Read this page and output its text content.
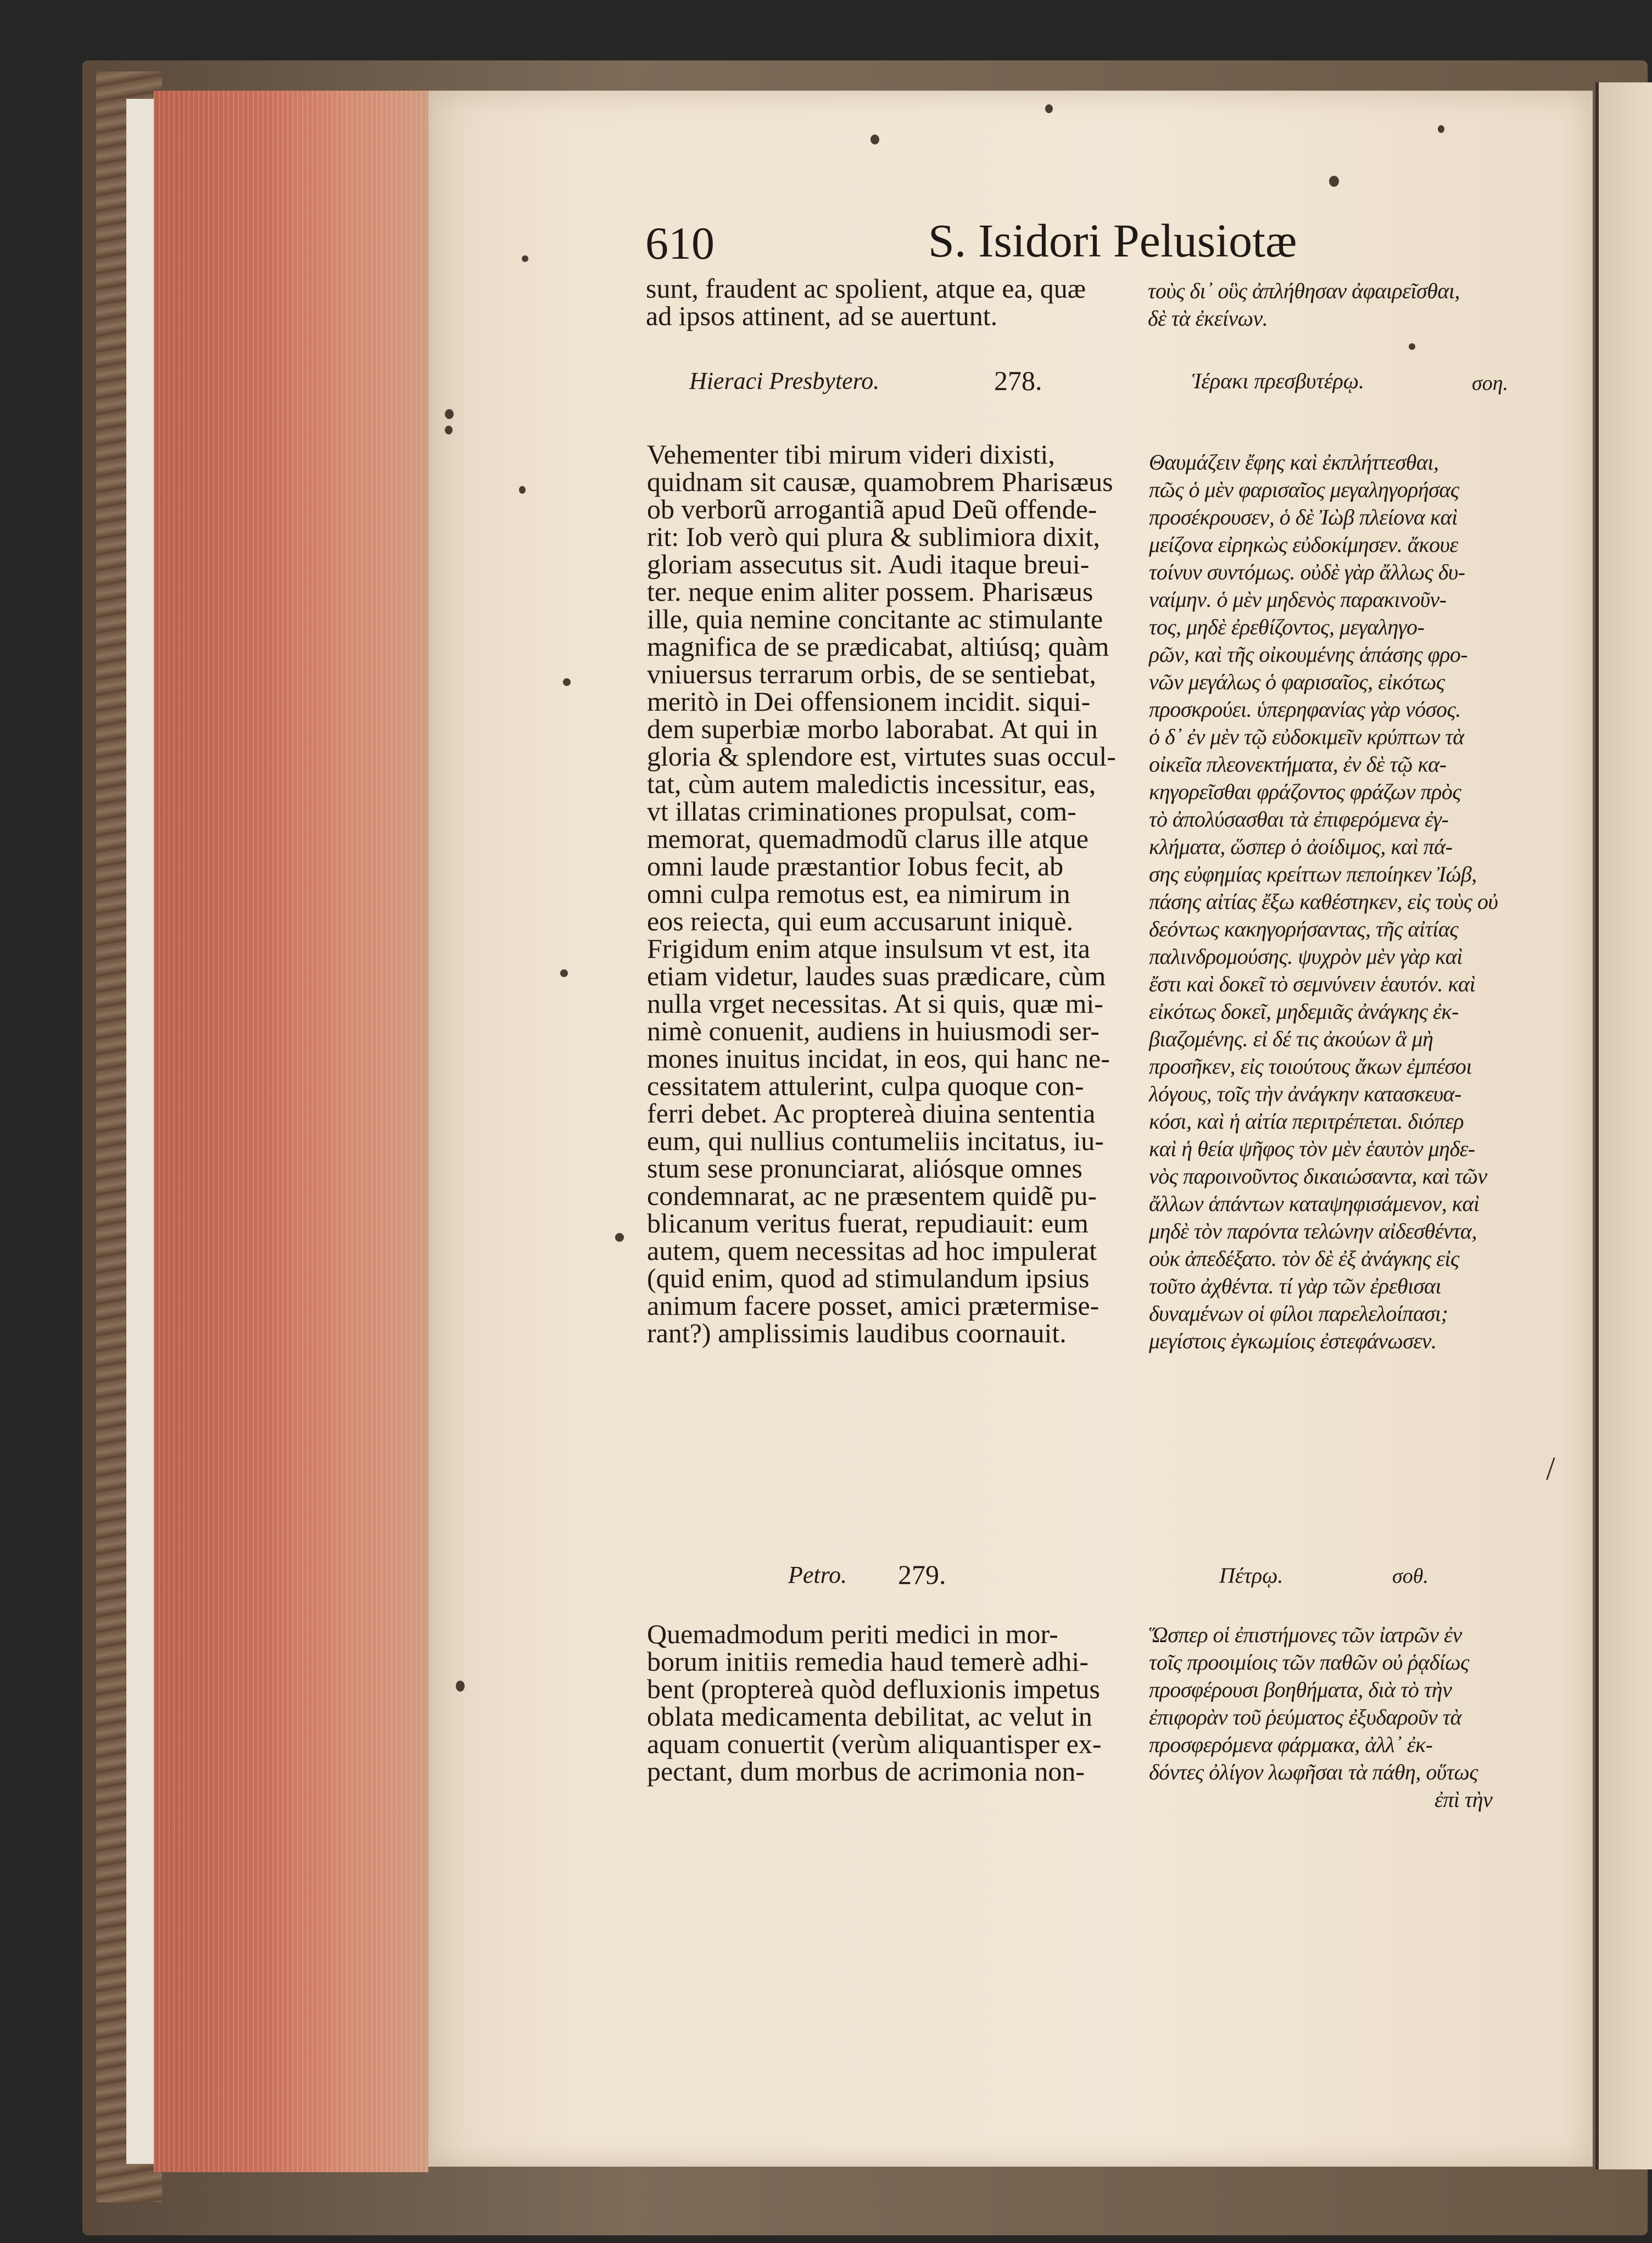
610	S. Isidori Pelusiotæ
sunt, fraudent ac spolient, atque ea, quæ
ad ipsos attinent, ad se auertunt.
τοὺς δι᾽ οὓς ἀπλήθησαν ἀφαιρεῖσθαι,
δὲ τὰ ἐκείνων.
Hieraci Presbytero.	278.	Ἱέρακι πρεσβυτέρῳ.	σοη.
Vehementer tibi mirum videri dixisti,
quidnam sit causæ, quamobrem Pharisæus
ob verborũ arrogantiã apud Deũ offende-
rit: Iob verò qui plura & sublimiora dixit,
gloriam assecutus sit. Audi itaque breui-
ter. neque enim aliter possem. Pharisæus
ille, quia nemine concitante ac stimulante
magnifica de se prædicabat, altiúsq; quàm
vniuersus terrarum orbis, de se sentiebat,
meritò in Dei offensionem incidit. siqui-
dem superbiæ morbo laborabat. At qui in
gloria & splendore est, virtutes suas occul-
tat, cùm autem maledictis incessitur, eas,
vt illatas criminationes propulsat, com-
memorat, quemadmodũ clarus ille atque
omni laude præstantior Iobus fecit, ab
omni culpa remotus est, ea nimirum in
eos reiecta, qui eum accusarunt iniquè.
Frigidum enim atque insulsum vt est, ita
etiam videtur, laudes suas prædicare, cùm
nulla vrget necessitas. At si quis, quæ mi-
nimè conuenit, audiens in huiusmodi ser-
mones inuitus incidat, in eos, qui hanc ne-
cessitatem attulerint, culpa quoque con-
ferri debet. Ac proptereà diuina sententia
eum, qui nullius contumeliis incitatus, iu-
stum sese pronunciarat, aliósque omnes
condemnarat, ac ne præsentem quidẽ pu-
blicanum veritus fuerat, repudiauit: eum
autem, quem necessitas ad hoc impulerat
(quid enim, quod ad stimulandum ipsius
animum facere posset, amici prætermise-
rant?) amplissimis laudibus coornauit.
Θαυμάζειν ἔφης καὶ ἐκπλήττεσθαι,
πῶς ὁ μὲν φαρισαῖος μεγαληγορήσας
προσέκρουσεν, ὁ δὲ Ἰὼβ πλείονα καὶ
μείζονα εἰρηκὼς εὐδοκίμησεν. ἄκουε
τοίνυν συντόμως. οὐδὲ γὰρ ἄλλως δυ-
ναίμην. ὁ μὲν μηδενὸς παρακινοῦν-
τος, μηδὲ ἐρεθίζοντος, μεγαληγο-
ρῶν, καὶ τῆς οἰκουμένης ἁπάσης φρο-
νῶν μεγάλως ὁ φαρισαῖος, εἰκότως
προσκρούει. ὑπερηφανίας γὰρ νόσος.
ὁ δ᾽ ἐν μὲν τῷ εὐδοκιμεῖν κρύπτων τὰ
οἰκεῖα πλεονεκτήματα, ἐν δὲ τῷ κα-
κηγορεῖσθαι φράζοντος φράζων πρὸς
τὸ ἀπολύσασθαι τὰ ἐπιφερόμενα ἐγ-
κλήματα, ὥσπερ ὁ ἀοίδιμος, καὶ πά-
σης εὐφημίας κρείττων πεποίηκεν Ἰώβ,
πάσης αἰτίας ἔξω καθέστηκεν, εἰς τοὺς οὐ
δεόντως κακηγορήσαντας, τῆς αἰτίας
παλινδρομούσης. ψυχρὸν μὲν γὰρ καὶ
ἔστι καὶ δοκεῖ τὸ σεμνύνειν ἑαυτόν. καὶ
εἰκότως δοκεῖ, μηδεμιᾶς ἀνάγκης ἐκ-
βιαζομένης. εἰ δέ τις ἀκούων ἃ μὴ
προσῆκεν, εἰς τοιούτους ἄκων ἐμπέσοι
λόγους, τοῖς τὴν ἀνάγκην κατασκευα-
κόσι, καὶ ἡ αἰτία περιτρέπεται. διόπερ
καὶ ἡ θεία ψῆφος τὸν μὲν ἑαυτὸν μηδε-
νὸς παροινοῦντος δικαιώσαντα, καὶ τῶν
ἄλλων ἁπάντων καταψηφισάμενον, καὶ
μηδὲ τὸν παρόντα τελώνην αἰδεσθέντα,
οὐκ ἀπεδέξατο. τὸν δὲ ἐξ ἀνάγκης εἰς
τοῦτο ἀχθέντα. τί γὰρ τῶν ἐρεθισαι
δυναμένων οἱ φίλοι παρελελοίπασι;
μεγίστοις ἐγκωμίοις ἐστεφάνωσεν.
/
Petro. 279.	Πέτρῳ.	σοθ.
Quemadmodum periti medici in mor-
borum initiis remedia haud temerè adhi-
bent (proptereà quòd defluxionis impetus
oblata medicamenta debilitat, ac velut in
aquam conuertit (verùm aliquantisper ex-
pectant, dum morbus de acrimonia non-
Ὥσπερ οἱ ἐπιστήμονες τῶν ἰατρῶν ἐν
τοῖς προοιμίοις τῶν παθῶν οὐ ῥᾳδίως
προσφέρουσι βοηθήματα, διὰ τὸ τὴν
ἐπιφορὰν τοῦ ῥεύματος ἐξυδαροῦν τὰ
προσφερόμενα φάρμακα, ἀλλ᾽ ἐκ-
δόντες ὀλίγον λωφῆσαι τὰ πάθη, οὕτως
ἐπὶ τὴν
